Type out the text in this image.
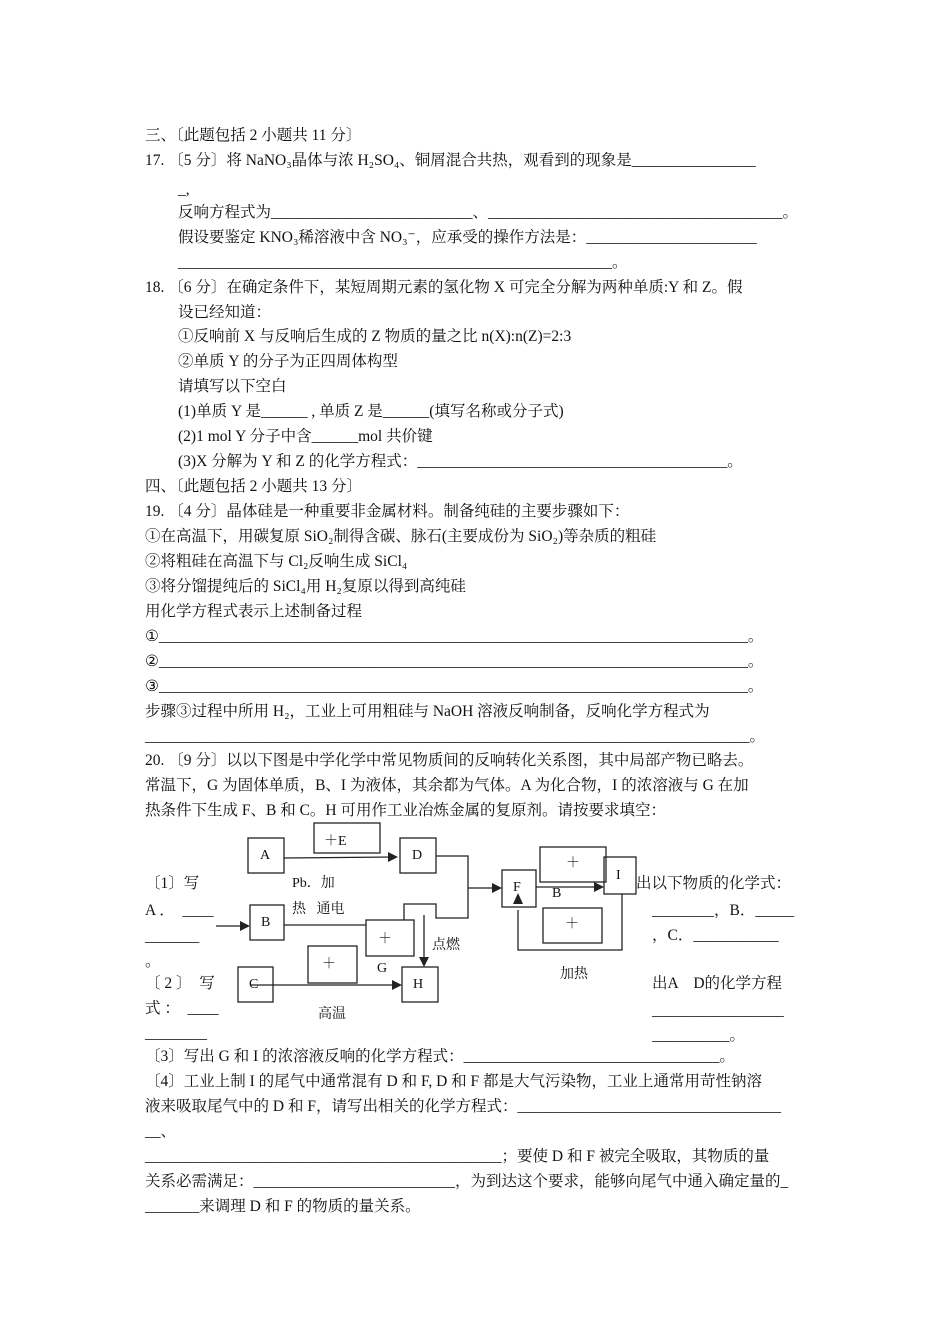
三、〔此题包括 2 小题共 11 分〕
17. 〔5 分〕将 NaNO₃晶体与浓 H₂SO₄、铜屑混合共热，观看到的现象是________________
_,
反响方程式为__________________________、______________________________________。
假设要鉴定 KNO₃稀溶液中含 NO₃⁻，应承受的操作方法是：______________________
________________________________________________________。
18. 〔6 分〕在确定条件下，某短周期元素的氢化物 X 可完全分解为两种单质:Y 和 Z。假
设已经知道：
①反响前 X 与反响后生成的 Z 物质的量之比 n(X):n(Z)=2:3
②单质 Y 的分子为正四周体构型
请填写以下空白
(1)单质 Y 是______ , 单质 Z 是______(填写名称或分子式)
(2)1 mol Y 分子中含______mol 共价键
(3)X 分解为 Y 和 Z 的化学方程式：________________________________________。
四、〔此题包括 2 小题共 13 分〕
19. 〔4 分〕晶体硅是一种重要非金属材料。制备纯硅的主要步骤如下：
①在高温下，用碳复原 SiO₂制得含碳、脉石(主要成份为 SiO₂)等杂质的粗硅
②将粗硅在高温下与 Cl₂反响生成 SiCl₄
③将分馏提纯后的 SiCl₄用 H₂复原以得到高纯硅
用化学方程式表示上述制备过程
①____________________________________________________________________________。
②____________________________________________________________________________。
③____________________________________________________________________________。
步骤③过程中所用 H₂，工业上可用粗硅与 NaOH 溶液反响制备，反响化学方程式为
______________________________________________________________________________。
20. 〔9 分〕以以下图是中学化学中常见物质间的反响转化关系图，其中局部产物已略去。
常温下，G 为固体单质，B、I 为液体，其余都为气体。A 为化合物，I 的浓溶液与 G 在加
热条件下生成 F、B 和 C。H 可用作工业冶炼金属的复原剂。请按要求填空：
〔3〕写出 G 和 I 的浓溶液反响的化学方程式：_________________________________。
〔4〕工业上制 I 的尾气中通常混有 D 和 F, D 和 F 都是大气污染物，工业上通常用苛性钠溶
液来吸取尾气中的 D 和 F，请写出相关的化学方程式：__________________________________
__、
______________________________________________；要使 D 和 F 被完全吸取，其物质的量
关系必需满足：__________________________，为到达这个要求，能够向尾气中通入确定量的_
_______来调理 D 和 F 的物质的量关系。
〔1〕写
A ．  ____
_______
。
〔 2 〕  写
式 ：  ____
________
出以下物质的化学式：
________，B．_____
，C．___________
出A    D的化学方程
_________________
__________。
A	D
F
I
B
C	H
＋E
＋
＋
＋
＋
Pb．加
热   通电
点燃
G	加热
高温
B
